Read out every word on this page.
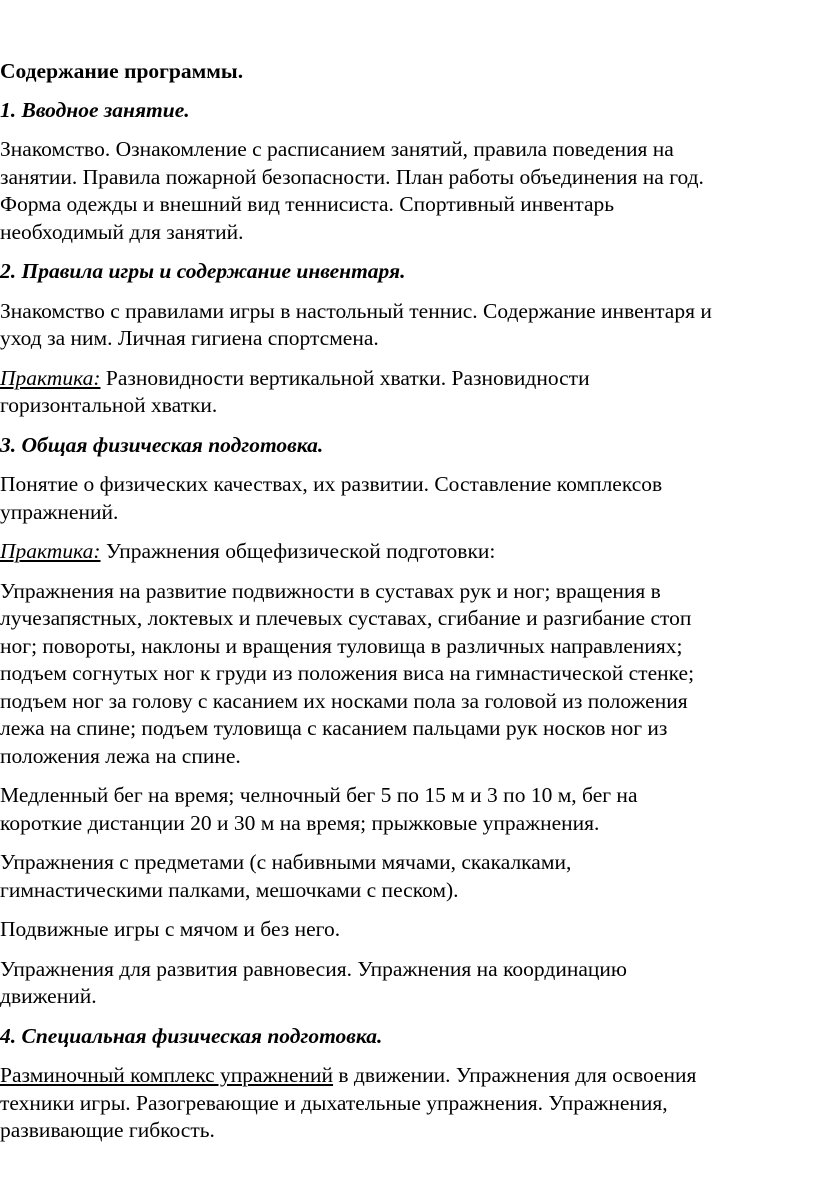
Содержание программы.
1. Вводное занятие.
Знакомство. Ознакомление с расписанием занятий, правила поведения на
занятии. Правила пожарной безопасности. План работы объединения на год.
Форма одежды и внешний вид теннисиста. Спортивный инвентарь
необходимый для занятий.
2. Правила игры и содержание инвентаря.
Знакомство с правилами игры в настольный теннис. Содержание инвентаря и
уход за ним. Личная гигиена спортсмена.
Практика: Разновидности вертикальной хватки. Разновидности
горизонтальной хватки.
3. Общая физическая подготовка.
Понятие о физических качествах, их развитии. Составление комплексов
упражнений.
Практика: Упражнения общефизической подготовки:
Упражнения на развитие подвижности в суставах рук и ног; вращения в
лучезапястных, локтевых и плечевых суставах, сгибание и разгибание стоп
ног; повороты, наклоны и вращения туловища в различных направлениях;
подъем согнутых ног к груди из положения виса на гимнастической стенке;
подъем ног за голову с касанием их носками пола за головой из положения
лежа на спине; подъем туловища с касанием пальцами рук носков ног из
положения лежа на спине.
Медленный бег на время; челночный бег 5 по 15 м и 3 по 10 м, бег на
короткие дистанции 20 и 30 м на время; прыжковые упражнения.
Упражнения с предметами (с набивными мячами, скакалками,
гимнастическими палками, мешочками с песком).
Подвижные игры с мячом и без него.
Упражнения для развития равновесия. Упражнения на координацию
движений.
4. Специальная физическая подготовка.
Разминочный комплекс упражнений в движении. Упражнения для освоения
техники игры. Разогревающие и дыхательные упражнения. Упражнения,
развивающие гибкость.
